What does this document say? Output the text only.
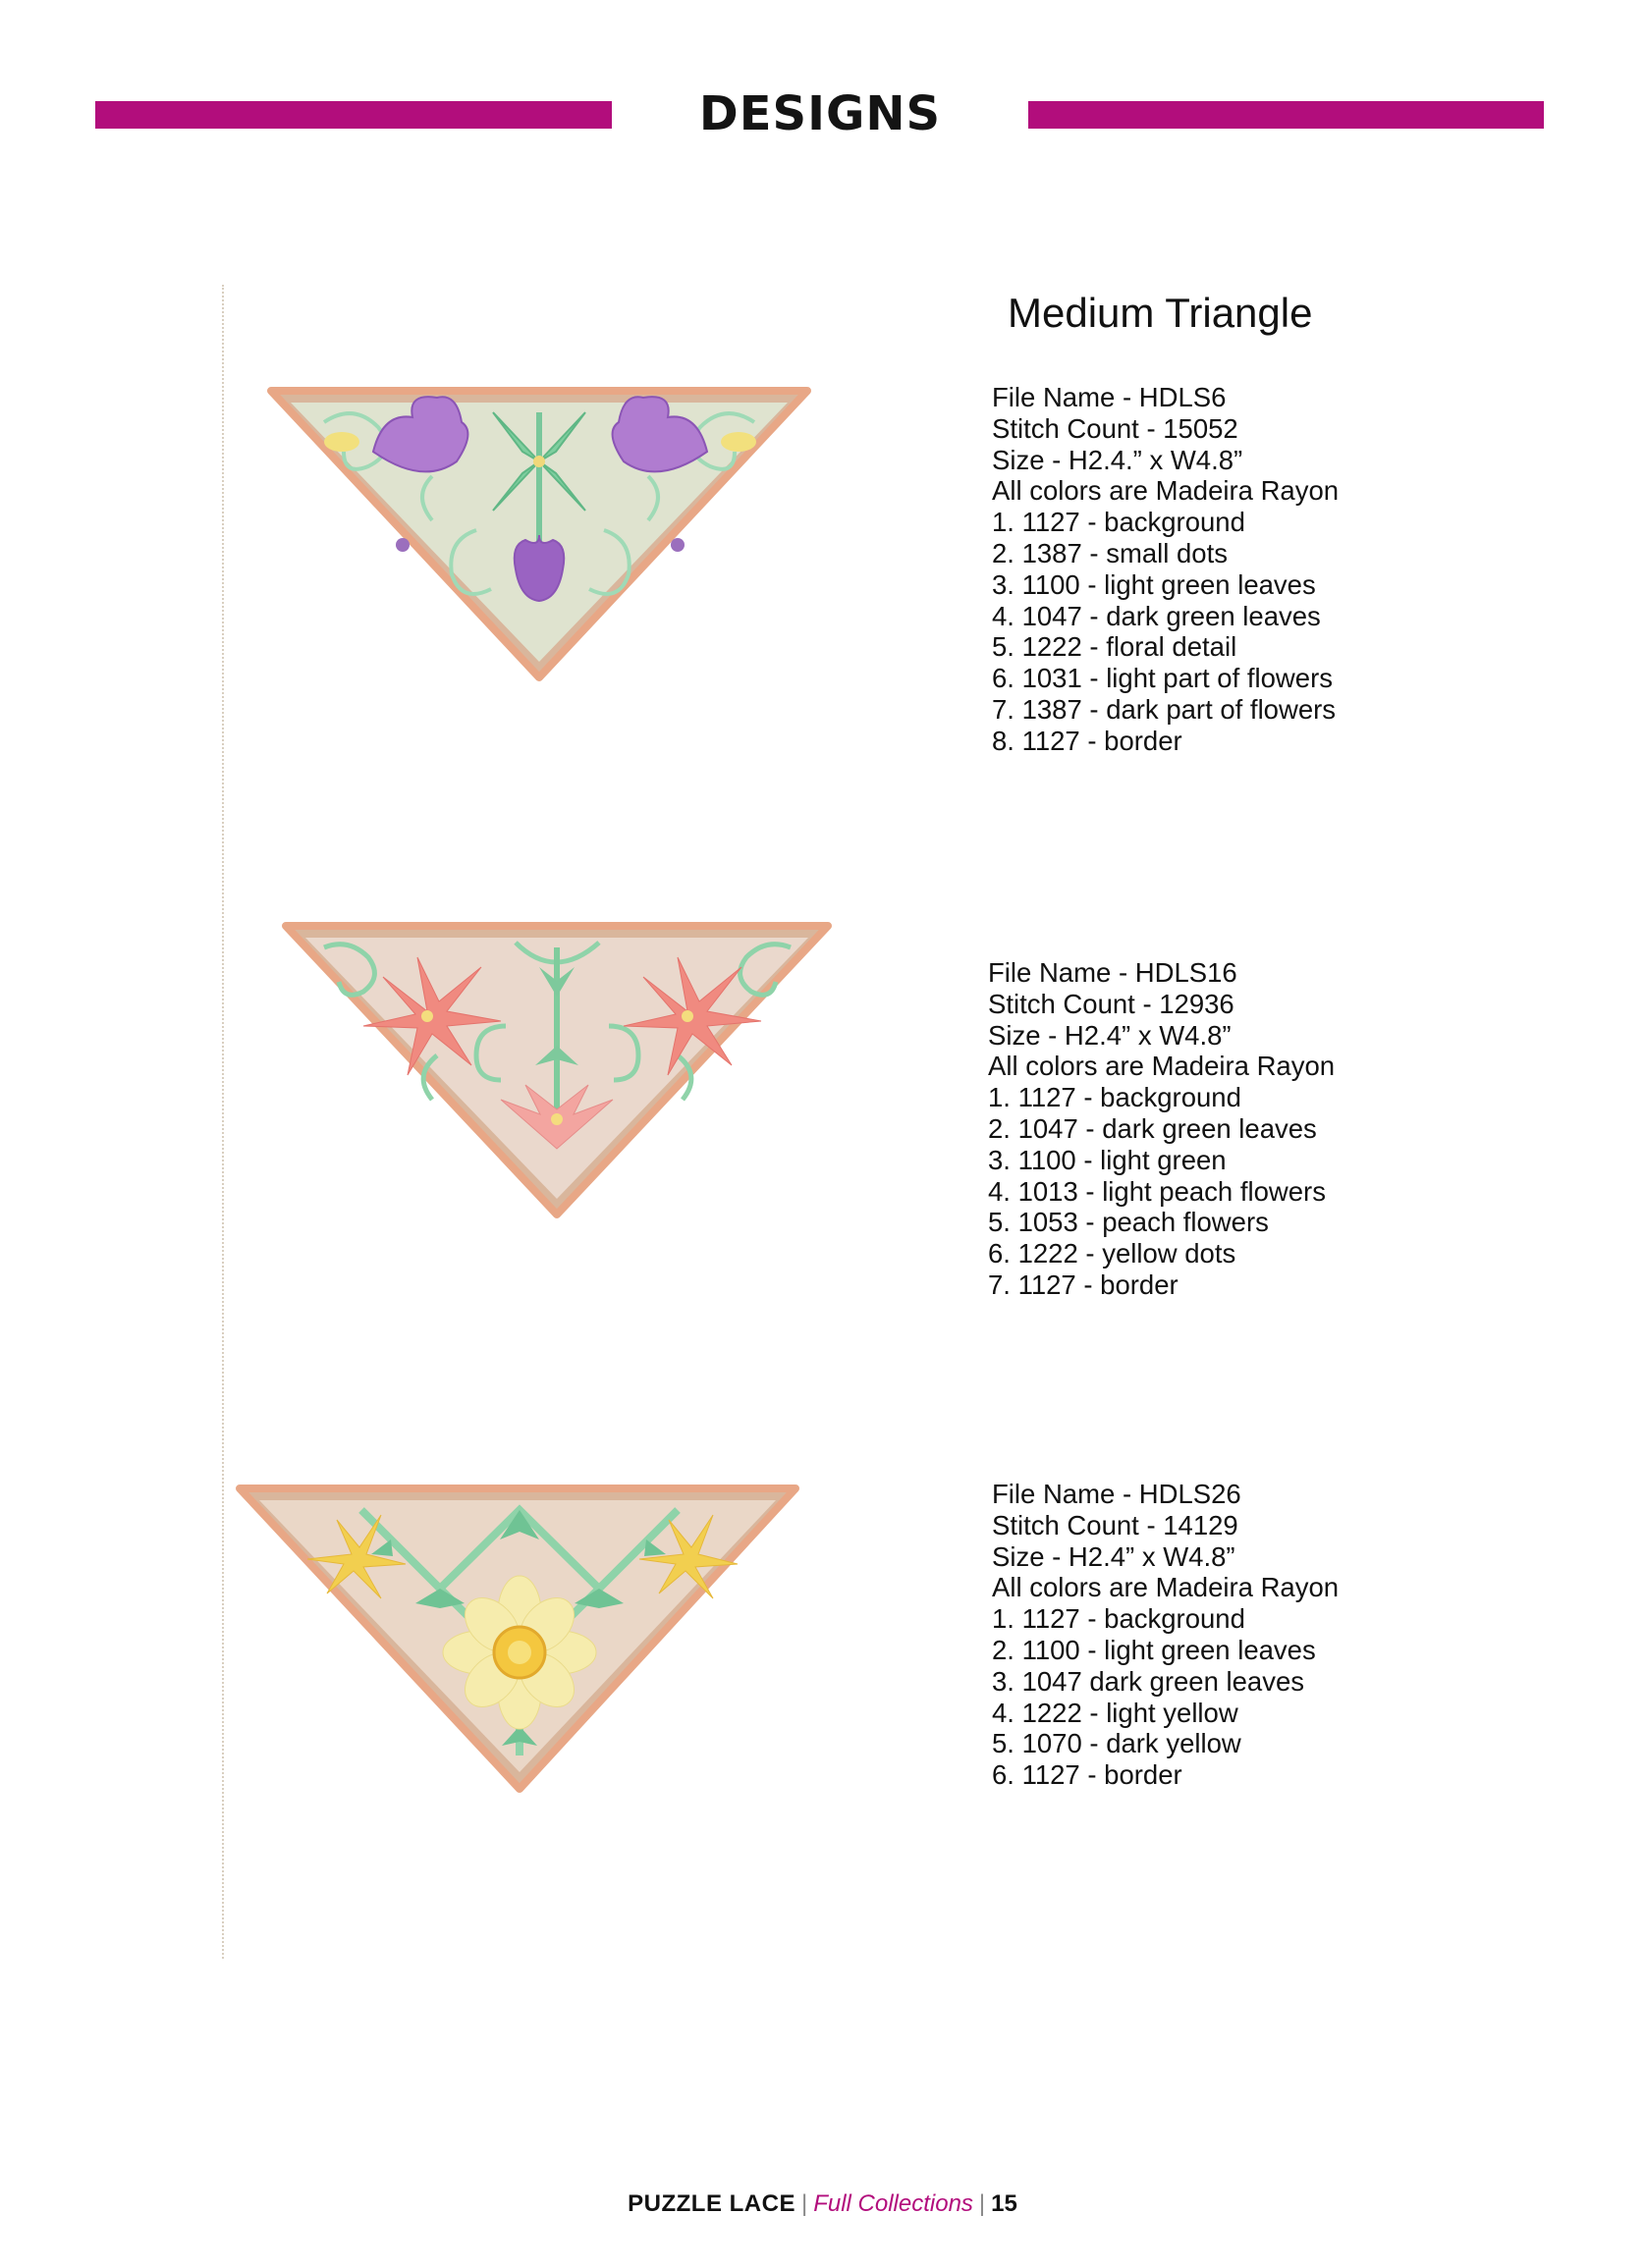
DESIGNS
Medium Triangle
File Name - HDLS6
Stitch Count - 15052
Size - H2.4.” x W4.8”
All colors are Madeira Rayon
1. 1127 - background
2. 1387 - small dots
3. 1100 - light green leaves
4. 1047 - dark green leaves
5. 1222 - floral detail
6. 1031 - light part of flowers
7. 1387 - dark part of flowers
8. 1127 - border
File Name - HDLS16
Stitch Count - 12936
Size - H2.4” x W4.8”
All colors are Madeira Rayon
1. 1127 - background
2. 1047 - dark green leaves
3. 1100 - light green
4. 1013 - light peach flowers
5. 1053 - peach flowers
6. 1222 - yellow dots
7. 1127 - border
File Name - HDLS26
Stitch Count - 14129
Size - H2.4” x W4.8”
All colors are Madeira Rayon
1. 1127 - background
2. 1100 - light green leaves
3. 1047 dark green leaves
4. 1222 - light yellow
5. 1070 - dark yellow
6. 1127 - border
PUZZLE LACE | Full Collections | 15
